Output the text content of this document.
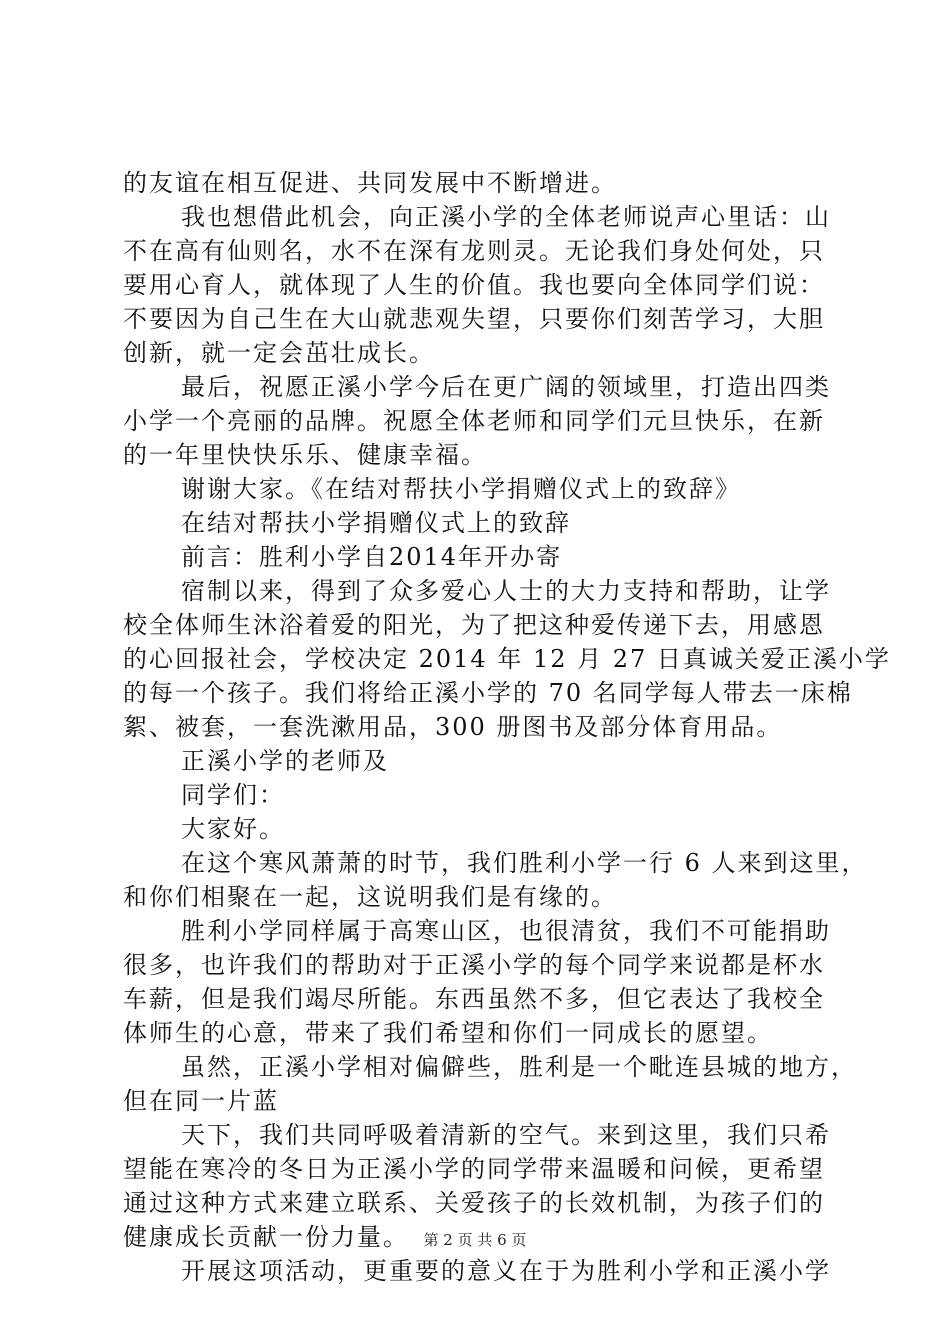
的友谊在相互促进、共同发展中不断增进。
我也想借此机会，向正溪小学的全体老师说声心里话：山
不在高有仙则名，水不在深有龙则灵。无论我们身处何处，只
要用心育人，就体现了人生的价值。我也要向全体同学们说：
不要因为自己生在大山就悲观失望，只要你们刻苦学习，大胆
创新，就一定会茁壮成长。
最后，祝愿正溪小学今后在更广阔的领域里，打造出四类
小学一个亮丽的品牌。祝愿全体老师和同学们元旦快乐，在新
的一年里快快乐乐、健康幸福。
谢谢大家。《在结对帮扶小学捐赠仪式上的致辞》
在结对帮扶小学捐赠仪式上的致辞
前言：胜利小学自2014年开办寄
宿制以来，得到了众多爱心人士的大力支持和帮助，让学
校全体师生沐浴着爱的阳光，为了把这种爱传递下去，用感恩
的心回报社会，学校决定 2014 年 12 月 27 日真诚关爱正溪小学
的每一个孩子。我们将给正溪小学的 70 名同学每人带去一床棉
絮、被套，一套洗漱用品，300 册图书及部分体育用品。
正溪小学的老师及
同学们：
大家好。
在这个寒风萧萧的时节，我们胜利小学一行 6 人来到这里，
和你们相聚在一起，这说明我们是有缘的。
胜利小学同样属于高寒山区，也很清贫，我们不可能捐助
很多，也许我们的帮助对于正溪小学的每个同学来说都是杯水
车薪，但是我们竭尽所能。东西虽然不多，但它表达了我校全
体师生的心意，带来了我们希望和你们一同成长的愿望。
虽然，正溪小学相对偏僻些，胜利是一个毗连县城的地方，
但在同一片蓝
天下，我们共同呼吸着清新的空气。来到这里，我们只希
望能在寒冷的冬日为正溪小学的同学带来温暖和问候，更希望
通过这种方式来建立联系、关爱孩子的长效机制，为孩子们的
健康成长贡献一份力量。
开展这项活动，更重要的意义在于为胜利小学和正溪小学
第 2 页 共 6 页
